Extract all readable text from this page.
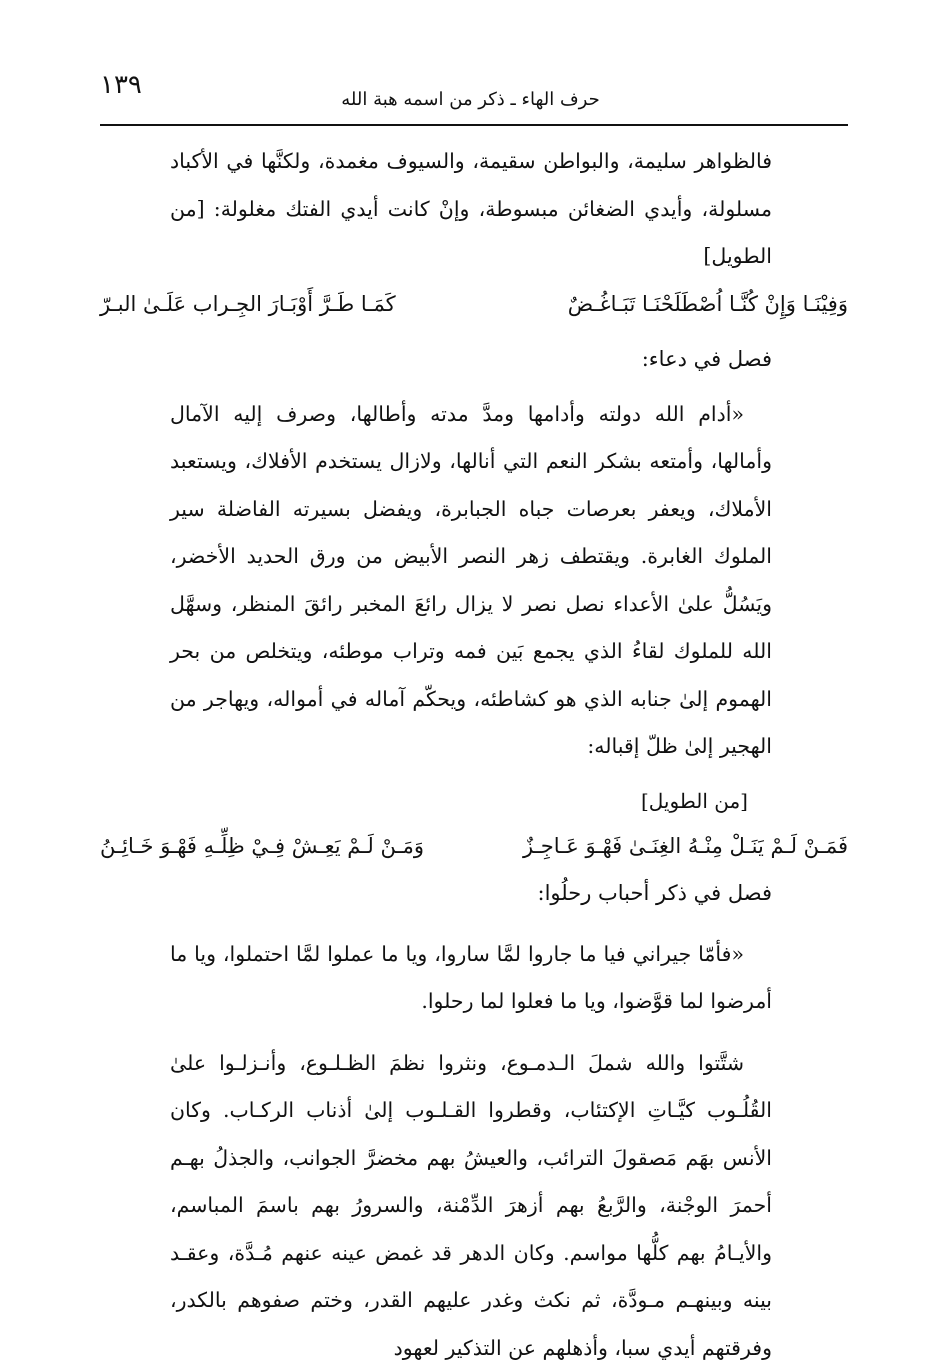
١٣٩	حرف الهاء ـ ذكر من اسمه هبة الله

فالظواهر سليمة، والبواطن سقيمة، والسيوف مغمدة، ولكنَّها في الأكباد مسلولة، وأيدي الضغائن مبسوطة، وإنْ كانت أيدي الفتك مغلولة: [من الطويل]

وَفِيْنَـا وَإِنْ كُنَّـا اُصْطَلَحْنَـا تَبَـاغُـضٌ
كَمَـا طَـرَّ أَوْبَـارَ الجِـراب عَلَـىٰ البـرّ
فصل في دعاء:

«أدام الله دولته وأدامها ومدَّ مدته وأطالها، وصرف إليه الآمال وأمالها، وأمتعه بشكر النعم التي أنالها، ولازال يستخدم الأفلاك، ويستعبد الأملاك، ويعفر بعرصات جباه الجبابرة، ويفضل بسيرته الفاضلة سير الملوك الغابرة. ويقتطف زهر النصر الأبيض من ورق الحديد الأخضر، ويَسُلُّ علىٰ الأعداء نصل نصر لا يزال رائعَ المخبر رائقَ المنظر، وسهَّل الله للملوك لقاءُ الذي يجمع بَين فمه وتراب موطئه، ويتخلص من بحر الهموم إلىٰ جنابه الذي هو كشاطئه، ويحكّم آماله في أمواله، ويهاجر من الهجير إلىٰ ظلّ إقباله:

[من الطويل]
فَمَـنْ لَـمْ يَنَـلْ مِنْـهُ الغِنَـىٰ فَهْـوَ عَـاجِـزٌ
وَمَـنْ لَـمْ يَعِـشْ فِـيْ ظِلِّـهِ فَهْـوَ خَـائِـنُ
فصل في ذكر أحباب رحلُوا:

«فأمّا جيراني فيا ما جاروا لمَّا ساروا، ويا ما عملوا لمَّا احتملوا، ويا ما أمرضوا لما قوَّضوا، ويا ما فعلوا لما رحلوا.

شتَّتوا والله شملَ الـدمـوع، ونثروا نظمَ الظـلـوع، وأنـزلـوا علىٰ القُلُـوب كيَّـاتِ الإكتئاب، وقطروا القـلـوب إلىٰ أذناب الركـاب. وكان الأنس بهَم مَصقولَ الترائب، والعيشُ بهم مخضرَّ الجوانب، والجذلُ بهـم أحمرَ الوجْنة، والرَّبعُ بهم أزهرَ الدِّمْنة، والسرورُ بهم باسمَ المباسم، والأيـامُ بهم كلُّها مواسم. وكان الدهر قد غمض عينه عنهم مُـدَّة، وعقـد بينه وبينهـم مـودَّة، ثم نكث وغدر عليهم القدر، وختم صفوهم بالكدر، وفرقتهم أيدي سبا، وأذهلهم عن التذكير لعهود
